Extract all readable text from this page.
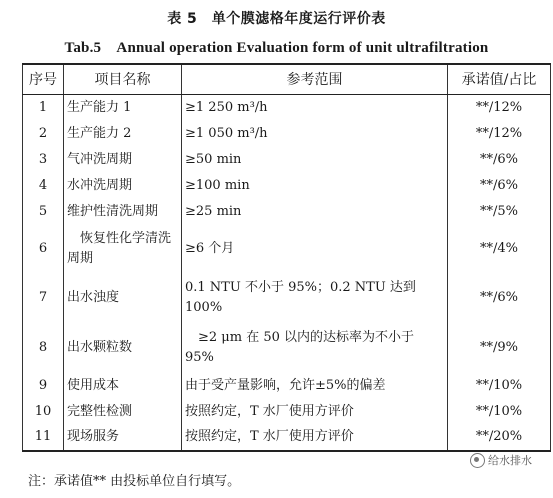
表 5　单个膜滤格年度运行评价表
Tab.5　Annual operation Evaluation form of unit ultrafiltration
序号	项目名称	参考范围	承诺值/占比
1	生产能力 1	≥1 250 m³/h	**/12%
2	生产能力 2	≥1 050 m³/h	**/12%
3	气冲洗周期	≥50 min	**/6%
4	水冲洗周期	≥100 min	**/6%
5	维护性清洗周期	≥25 min	**/5%
6	　恢复性化学清洗周期	≥6 个月	**/4%
7	出水浊度	0.1 NTU 不小于 95%；0.2 NTU 达到 100%	**/6%
8	出水颗粒数	　≥2 μm 在 50 以内的达标率为不小于 95%	**/9%
9	使用成本	由于受产量影响，允许±5%的偏差	**/10%
10	完整性检测	按照约定，T 水厂使用方评价	**/10%
11	现场服务	按照约定，T 水厂使用方评价	**/20%
注：承诺值** 由投标单位自行填写。
给水排水
